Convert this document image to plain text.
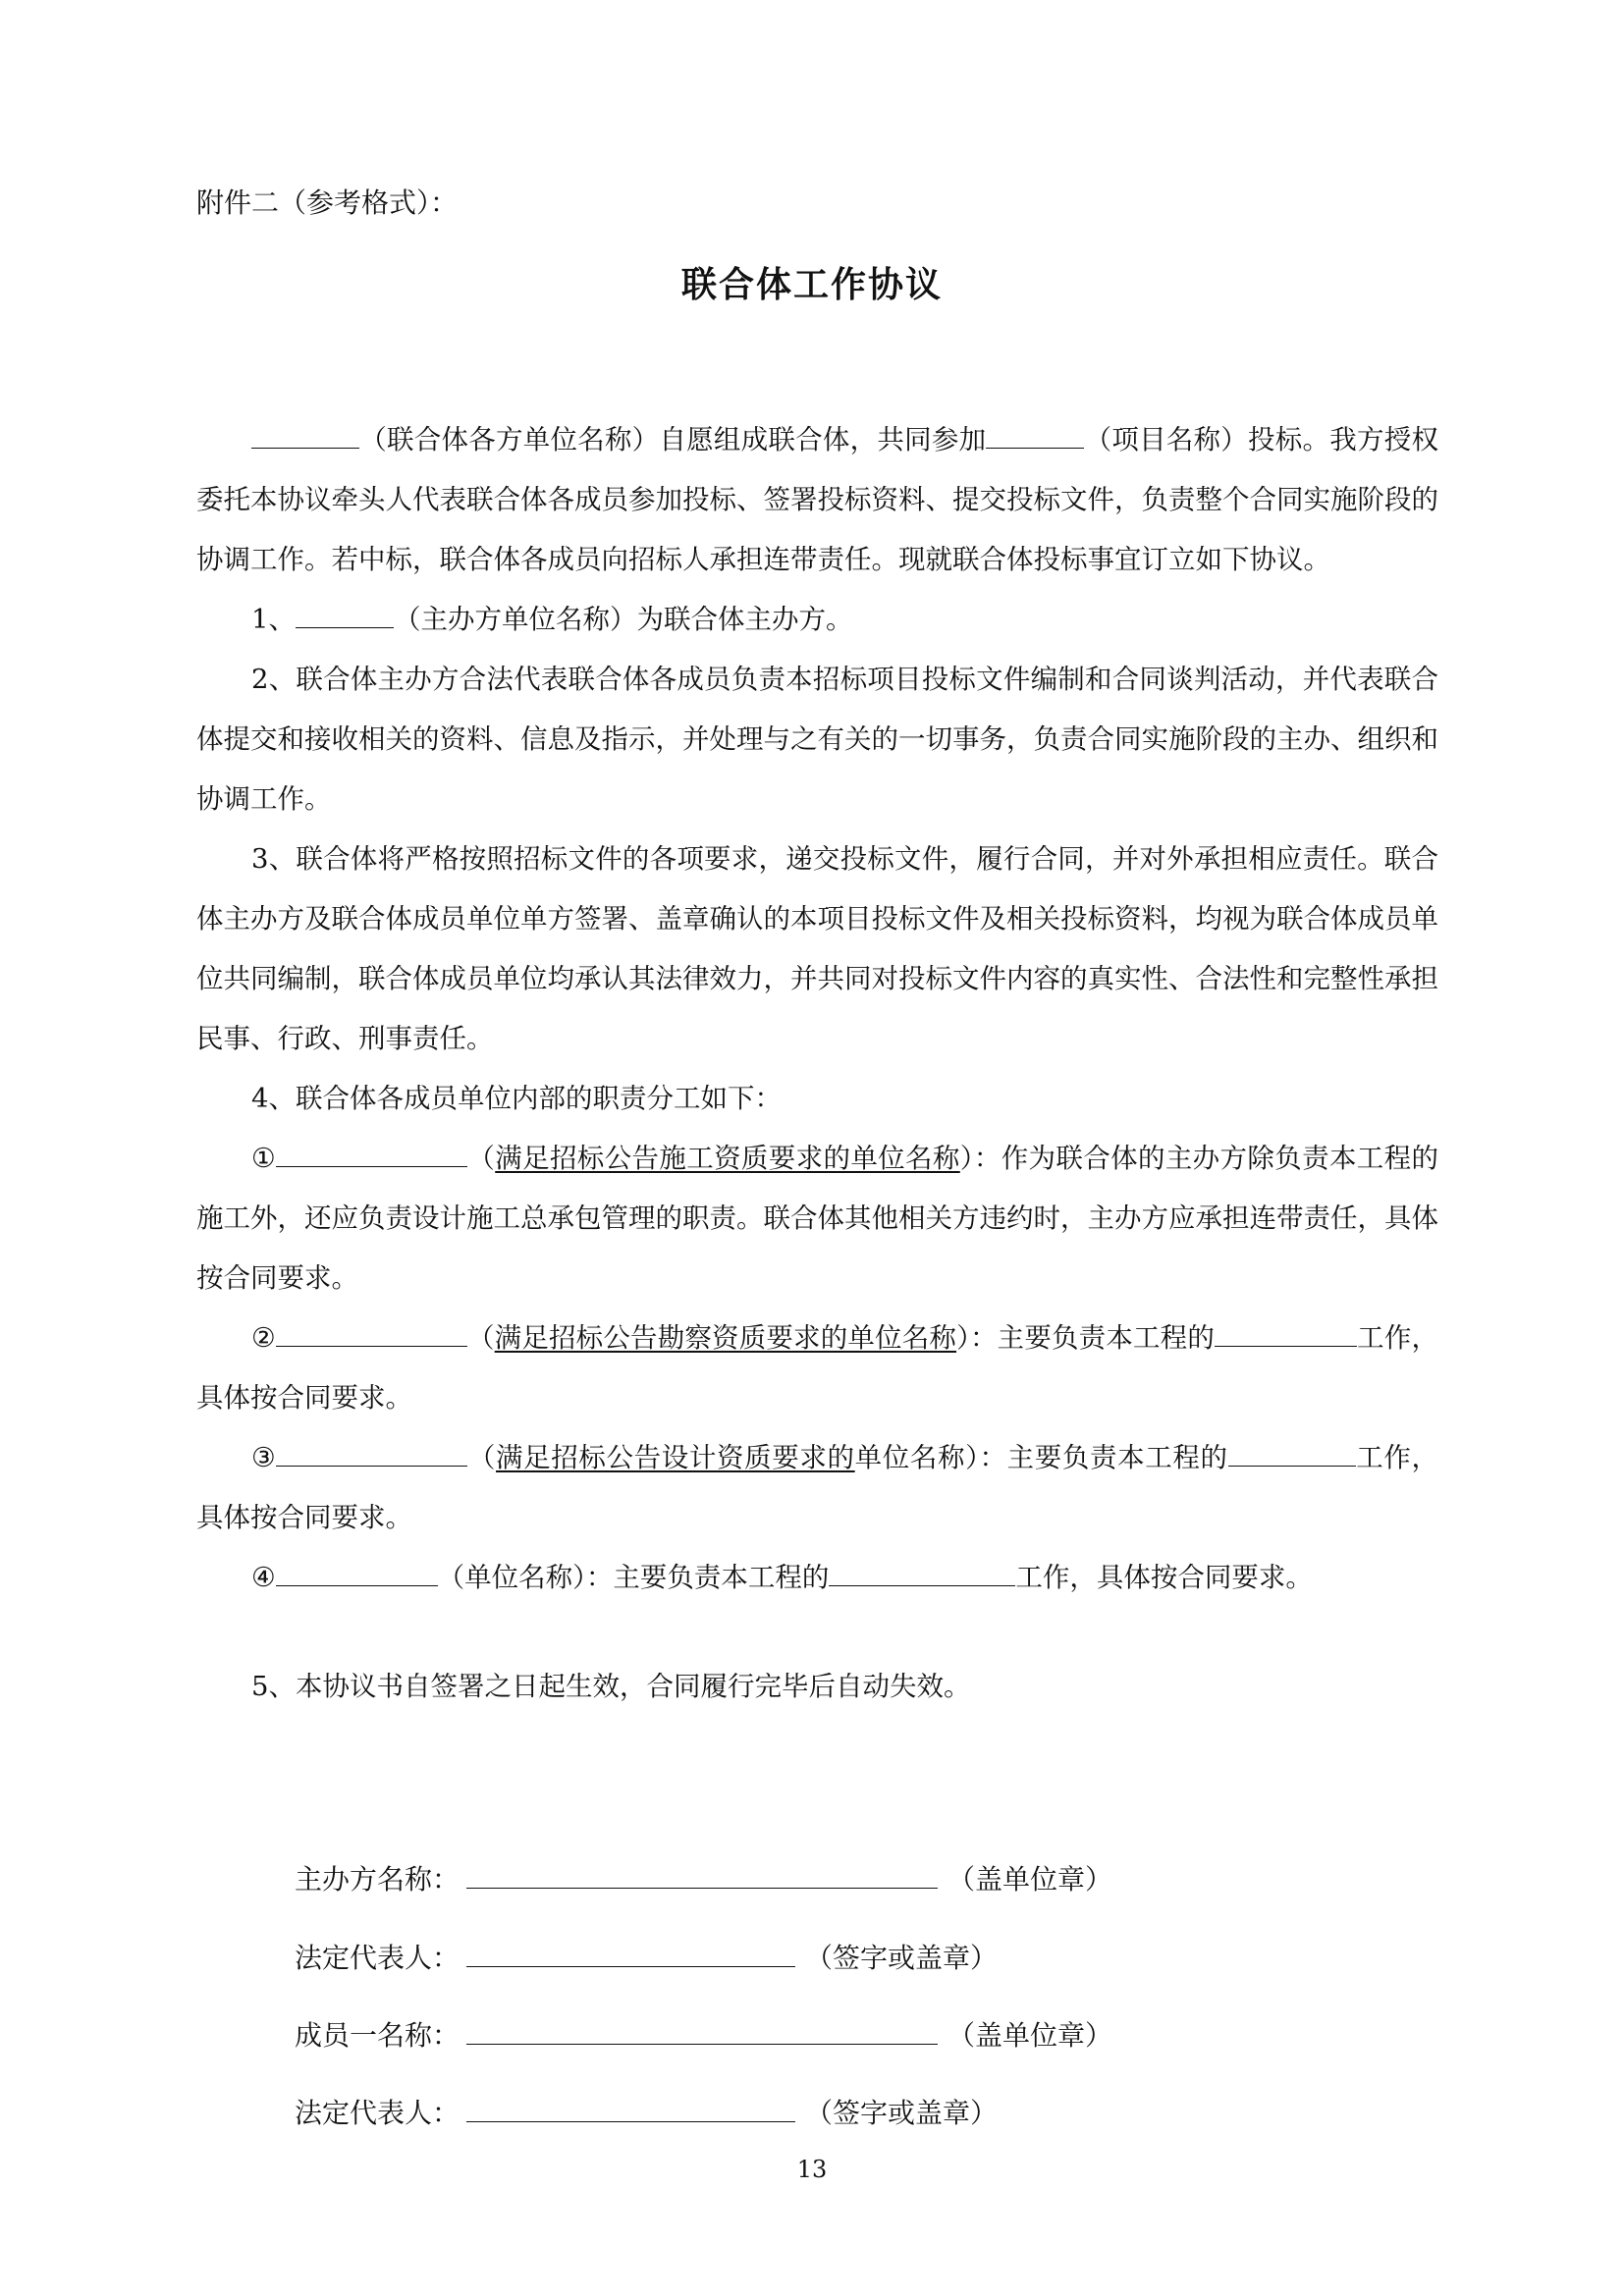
附件二（参考格式）：
联合体工作协议

（联合体各方单位名称）自愿组成联合体，共同参加	（项目名称）投标。我方授权委托本协议牵头人代表联合体各成员参加投标、签署投标资料、提交投标文件，负责整个合同实施阶段的协调工作。若中标，联合体各成员向招标人承担连带责任。现就联合体投标事宜订立如下协议。

1、	（主办方单位名称）为联合体主办方。

2、联合体主办方合法代表联合体各成员负责本招标项目投标文件编制和合同谈判活动，并代表联合体提交和接收相关的资料、信息及指示，并处理与之有关的一切事务，负责合同实施阶段的主办、组织和协调工作。

3、联合体将严格按照招标文件的各项要求，递交投标文件，履行合同，并对外承担相应责任。联合体主办方及联合体成员单位单方签署、盖章确认的本项目投标文件及相关投标资料，均视为联合体成员单位共同编制，联合体成员单位均承认其法律效力，并共同对投标文件内容的真实性、合法性和完整性承担民事、行政、刑事责任。

4、联合体各成员单位内部的职责分工如下：

①	（满足招标公告施工资质要求的单位名称）：作为联合体的主办方除负责本工程的施工外，还应负责设计施工总承包管理的职责。联合体其他相关方违约时，主办方应承担连带责任，具体按合同要求。

②	（满足招标公告勘察资质要求的单位名称）：主要负责本工程的	工作，具体按合同要求。

③	（满足招标公告设计资质要求的单位名称）：主要负责本工程的	工作，具体按合同要求。

④	（单位名称）：主要负责本工程的	工作，具体按合同要求。

5、本协议书自签署之日起生效，合同履行完毕后自动失效。

主办方名称：	（盖单位章）
法定代表人：	（签字或盖章）
成员一名称：	（盖单位章）
法定代表人：	（签字或盖章）
13
